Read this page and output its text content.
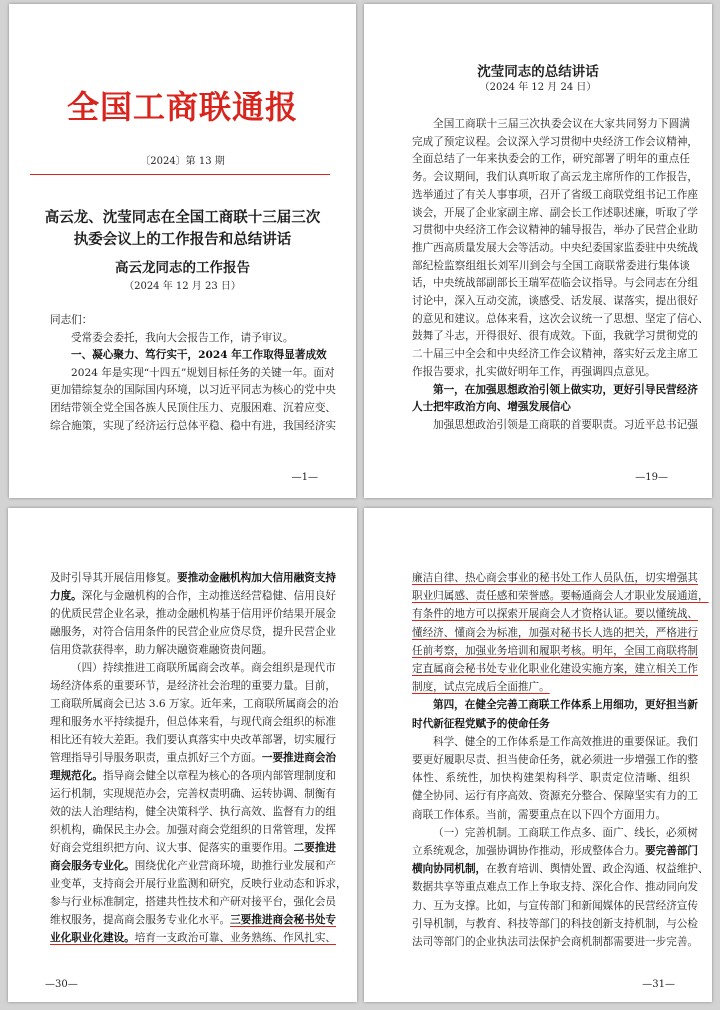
全国工商联通报
〔2024〕第 13 期
高云龙、沈莹同志在全国工商联十三届三次
执委会议上的工作报告和总结讲话
高云龙同志的工作报告
（2024 年 12 月 23 日）
同志们：
受常委会委托，我向大会报告工作，请予审议。
一、凝心聚力、笃行实干，2024 年工作取得显著成效
2024 年是实现“十四五”规划目标任务的关键一年。面对
更加错综复杂的国际国内环境，以习近平同志为核心的党中央
团结带领全党全国各族人民顶住压力、克服困难、沉着应变、
综合施策，实现了经济运行总体平稳、稳中有进，我国经济实
—1—
沈莹同志的总结讲话
（2024 年 12 月 24 日）
全国工商联十三届三次执委会议在大家共同努力下圆满
完成了预定议程。会议深入学习贯彻中央经济工作会议精神，
全面总结了一年来执委会的工作，研究部署了明年的重点任
务。会议期间，我们认真听取了高云龙主席所作的工作报告，
选举通过了有关人事事项，召开了省级工商联党组书记工作座
谈会，开展了企业家副主席、副会长工作述职述廉，听取了学
习贯彻中央经济工作会议精神的辅导报告，举办了民营企业助
推广西高质量发展大会等活动。中央纪委国家监委驻中央统战
部纪检监察组组长刘军川到会与全国工商联常委进行集体谈
话，中央统战部副部长王瑞军莅临会议指导。与会同志在分组
讨论中，深入互动交流，谈感受、话发展、谋落实，提出很好
的意见和建议。总体来看，这次会议统一了思想、坚定了信心、
鼓舞了斗志，开得很好、很有成效。下面，我就学习贯彻党的
二十届三中全会和中央经济工作会议精神，落实好云龙主席工
作报告要求，扎实做好明年工作，再强调四点意见。
第一，在加强思想政治引领上做实功，更好引导民营经济
人士把牢政治方向、增强发展信心
加强思想政治引领是工商联的首要职责。习近平总书记强
—19—
及时引导其开展信用修复。要推动金融机构加大信用融资支持
力度。深化与金融机构的合作，主动推送经营稳健、信用良好
的优质民营企业名录，推动金融机构基于信用评价结果开展金
融服务，对符合信用条件的民营企业应贷尽贷，提升民营企业
信用贷款获得率，助力解决融资难融资贵问题。
（四）持续推进工商联所属商会改革。商会组织是现代市
场经济体系的重要环节，是经济社会治理的重要力量。目前，
工商联所属商会已达 3.6 万家。近年来，工商联所属商会的治
理和服务水平持续提升，但总体来看，与现代商会组织的标准
相比还有较大差距。我们要认真落实中央改革部署，切实履行
管理指导引导服务职责，重点抓好三个方面。一要推进商会治
理规范化。指导商会健全以章程为核心的各项内部管理制度和
运行机制，实现规范办会，完善权责明确、运转协调、制衡有
效的法人治理结构，健全决策科学、执行高效、监督有力的组
织机构，确保民主办会。加强对商会党组织的日常管理，发挥
好商会党组织把方向、议大事、促落实的重要作用。二要推进
商会服务专业化。围绕优化产业营商环境，助推行业发展和产
业变革，支持商会开展行业监测和研究，反映行业动态和诉求，
参与行业标准制定，搭建共性技术和产研对接平台，强化会员
维权服务，提高商会服务专业化水平。三要推进商会秘书处专
业化职业化建设。培育一支政治可靠、业务熟练、作风扎实、
—30—
廉洁自律、热心商会事业的秘书处工作人员队伍，切实增强其
职业归属感、责任感和荣誉感。要畅通商会人才职业发展通道，
有条件的地方可以探索开展商会人才资格认证。要以懂统战、
懂经济、懂商会为标准，加强对秘书长人选的把关，严格进行
任前考察，加强业务培训和履职考核。明年，全国工商联将制
定直属商会秘书处专业化职业化建设实施方案，建立相关工作
制度，试点完成后全面推广。
第四，在健全完善工商联工作体系上用细功，更好担当新
时代新征程党赋予的使命任务
科学、健全的工作体系是工作高效推进的重要保证。我们
要更好履职尽责、担当使命任务，就必须进一步增强工作的整
体性、系统性，加快构建架构科学、职责定位清晰、组织
健全协同、运行有序高效、资源充分整合、保障坚实有力的工
商联工作体系。当前，需要重点在以下四个方面用力。
（一）完善机制。工商联工作点多、面广、线长，必须树
立系统观念，加强协调协作推动，形成整体合力。要完善部门
横向协同机制，在教育培训、舆情处置、政企沟通、权益维护、
数据共享等重点难点工作上争取支持、深化合作、推动同向发
力、互为支撑。比如，与宣传部门和新闻媒体的民营经济宣传
引导机制，与教育、科技等部门的科技创新支持机制，与公检
法司等部门的企业执法司法保护会商机制都需要进一步完善。
—31—
